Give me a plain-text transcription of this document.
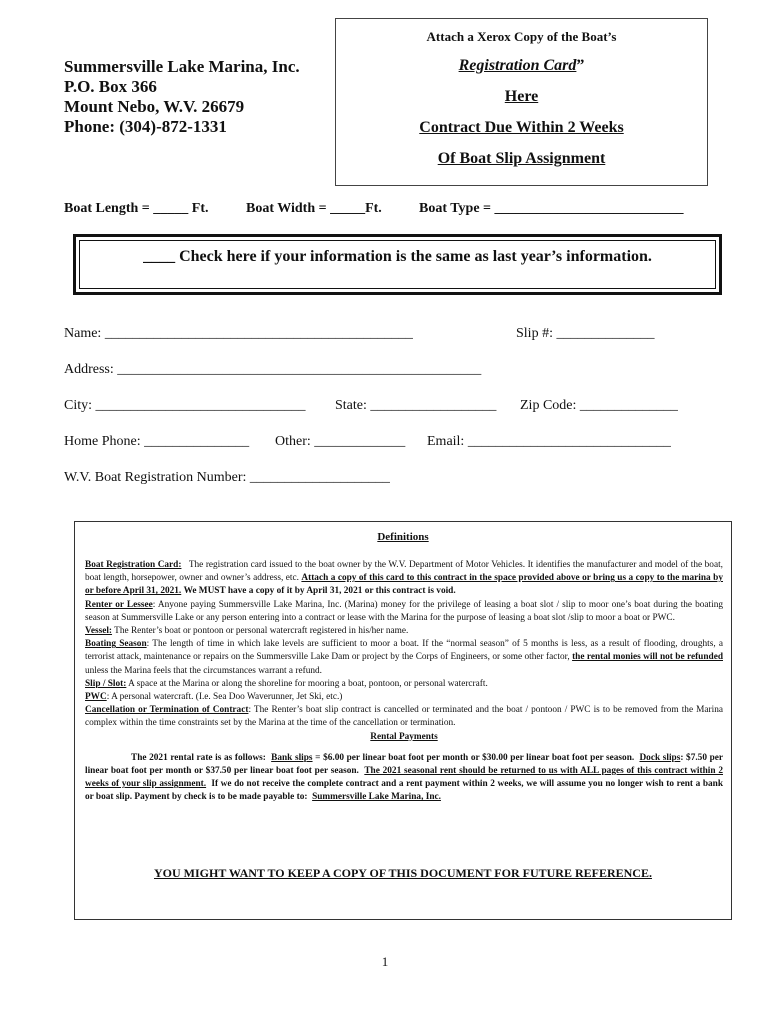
Summersville Lake Marina, Inc.
P.O. Box 366
Mount Nebo, W.V. 26679
Phone: (304)-872-1331
Attach a Xerox Copy of the Boat’s
Registration Card”
Here
Contract Due Within 2 Weeks
Of Boat Slip Assignment
Boat Length = _____ Ft.	Boat Width = _____Ft.	Boat Type = ___________________________
____ Check here if your information is the same as last year’s information.
Name: ____________________________________________	Slip #: ______________
Address: ____________________________________________________
City: ______________________________ State: __________________ Zip Code: ______________
Home Phone: _______________ Other: _____________ Email: _____________________________
W.V. Boat Registration Number: ____________________
Definitions

Boat Registration Card: The registration card issued to the boat owner by the W.V. Department of Motor Vehicles. It identifies the manufacturer and model of the boat, boat length, horsepower, owner and owner’s address, etc. Attach a copy of this card to this contract in the space provided above or bring us a copy to the marina by or before April 31, 2021. We MUST have a copy of it by April 31, 2021 or this contract is void.

Renter or Lessee: Anyone paying Summersville Lake Marina, Inc. (Marina) money for the privilege of leasing a boat slot / slip to moor one’s boat during the boating season at Summersville Lake or any person entering into a contract or lease with the Marina for the purpose of leasing a boat slot /slip to moor a boat or PWC.

Vessel: The Renter’s boat or pontoon or personal watercraft registered in his/her name.

Boating Season: The length of time in which lake levels are sufficient to moor a boat. If the “normal season” of 5 months is less, as a result of flooding, droughts, a terrorist attack, maintenance or repairs on the Summersville Lake Dam or project by the Corps of Engineers, or some other factor, the rental monies will not be refunded unless the Marina feels that the circumstances warrant a refund.

Slip / Slot: A space at the Marina or along the shoreline for mooring a boat, pontoon, or personal watercraft.

PWC: A personal watercraft. (I.e. Sea Doo Waverunner, Jet Ski, etc.)

Cancellation or Termination of Contract: The Renter’s boat slip contract is cancelled or terminated and the boat / pontoon / PWC is to be removed from the Marina complex within the time constraints set by the Marina at the time of the cancellation or termination.

Rental Payments

The 2021 rental rate is as follows: Bank slips = $6.00 per linear boat foot per month or $30.00 per linear boat foot per season. Dock slips: $7.50 per linear boat foot per month or $37.50 per linear boat foot per season. The 2021 seasonal rent should be returned to us with ALL pages of this contract within 2 weeks of your slip assignment. If we do not receive the complete contract and a rent payment within 2 weeks, we will assume you no longer wish to rent a bank or boat slip. Payment by check is to be made payable to: Summersville Lake Marina, Inc.

YOU MIGHT WANT TO KEEP A COPY OF THIS DOCUMENT FOR FUTURE REFERENCE.
1
